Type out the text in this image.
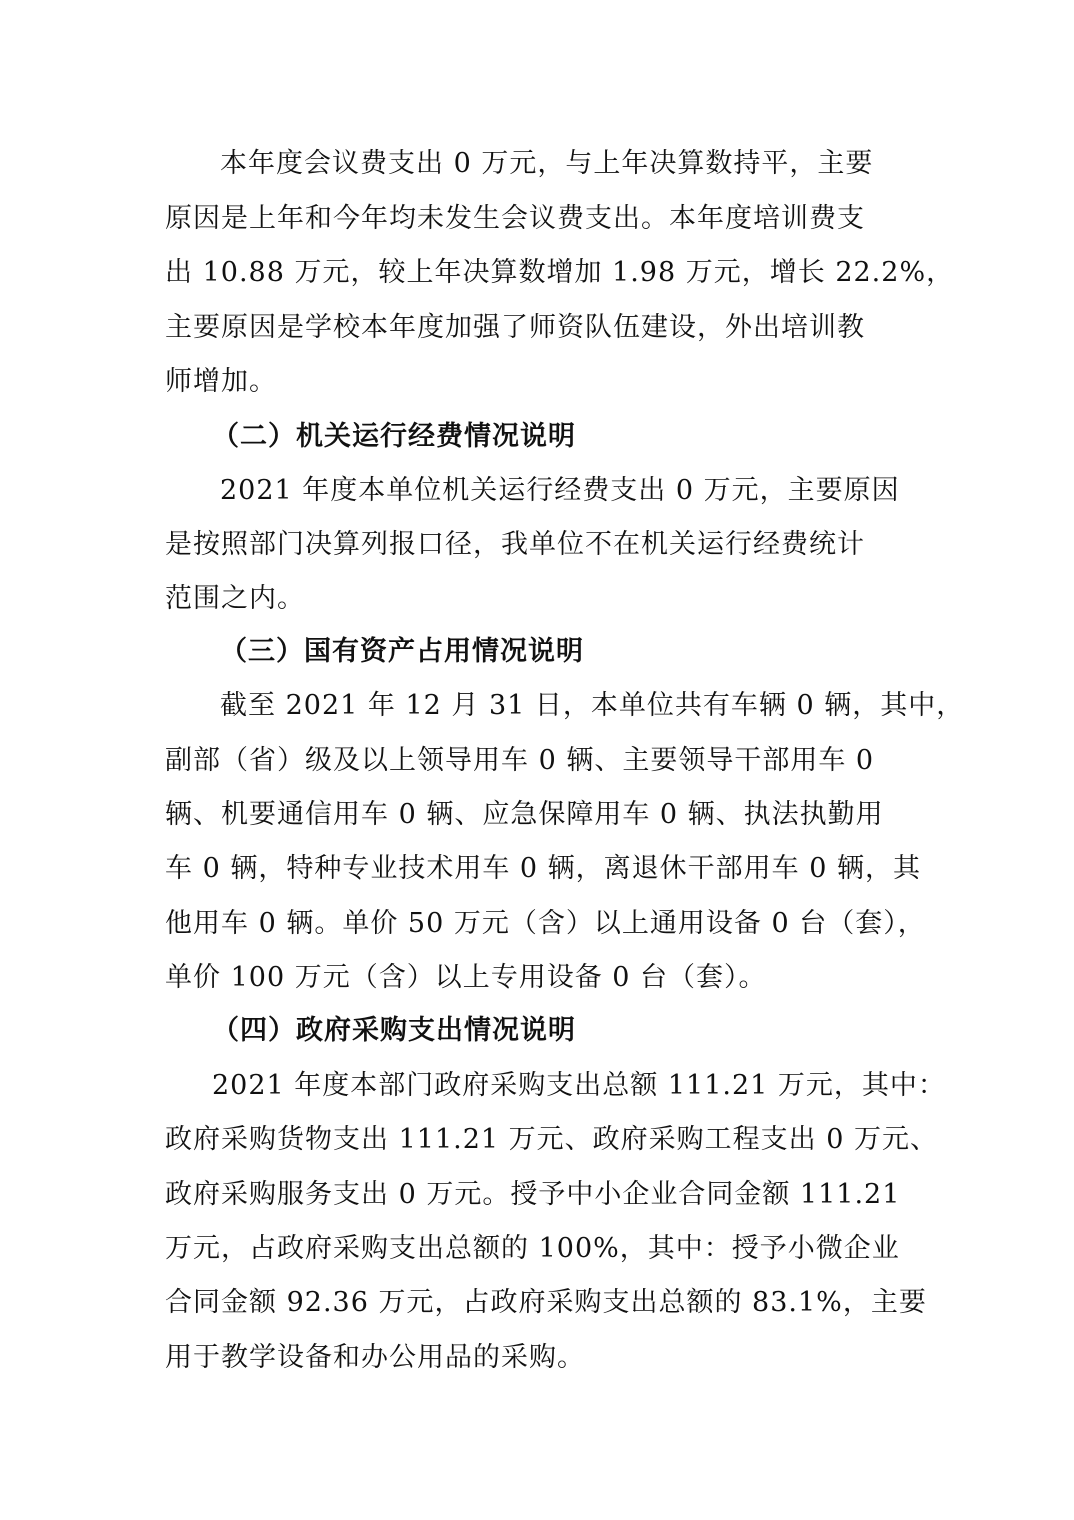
本年度会议费支出 0 万元，与上年决算数持平，主要
原因是上年和今年均未发生会议费支出。本年度培训费支
出 10.88 万元，较上年决算数增加 1.98 万元，增长 22.2%，
主要原因是学校本年度加强了师资队伍建设，外出培训教
师增加。
（二）机关运行经费情况说明
2021 年度本单位机关运行经费支出 0 万元，主要原因
是按照部门决算列报口径，我单位不在机关运行经费统计
范围之内。
（三）国有资产占用情况说明
截至 2021 年 12 月 31 日，本单位共有车辆 0 辆，其中，
副部（省）级及以上领导用车 0 辆、主要领导干部用车 0
辆、机要通信用车 0 辆、应急保障用车 0 辆、执法执勤用
车 0 辆，特种专业技术用车 0 辆，离退休干部用车 0 辆，其
他用车 0 辆。单价 50 万元（含）以上通用设备 0 台（套），
单价 100 万元（含）以上专用设备 0 台（套）。
（四）政府采购支出情况说明
2021 年度本部门政府采购支出总额 111.21 万元，其中：
政府采购货物支出 111.21 万元、政府采购工程支出 0 万元、
政府采购服务支出 0 万元。授予中小企业合同金额 111.21
万元，占政府采购支出总额的 100%，其中：授予小微企业
合同金额 92.36 万元，占政府采购支出总额的 83.1%，主要
用于教学设备和办公用品的采购。
